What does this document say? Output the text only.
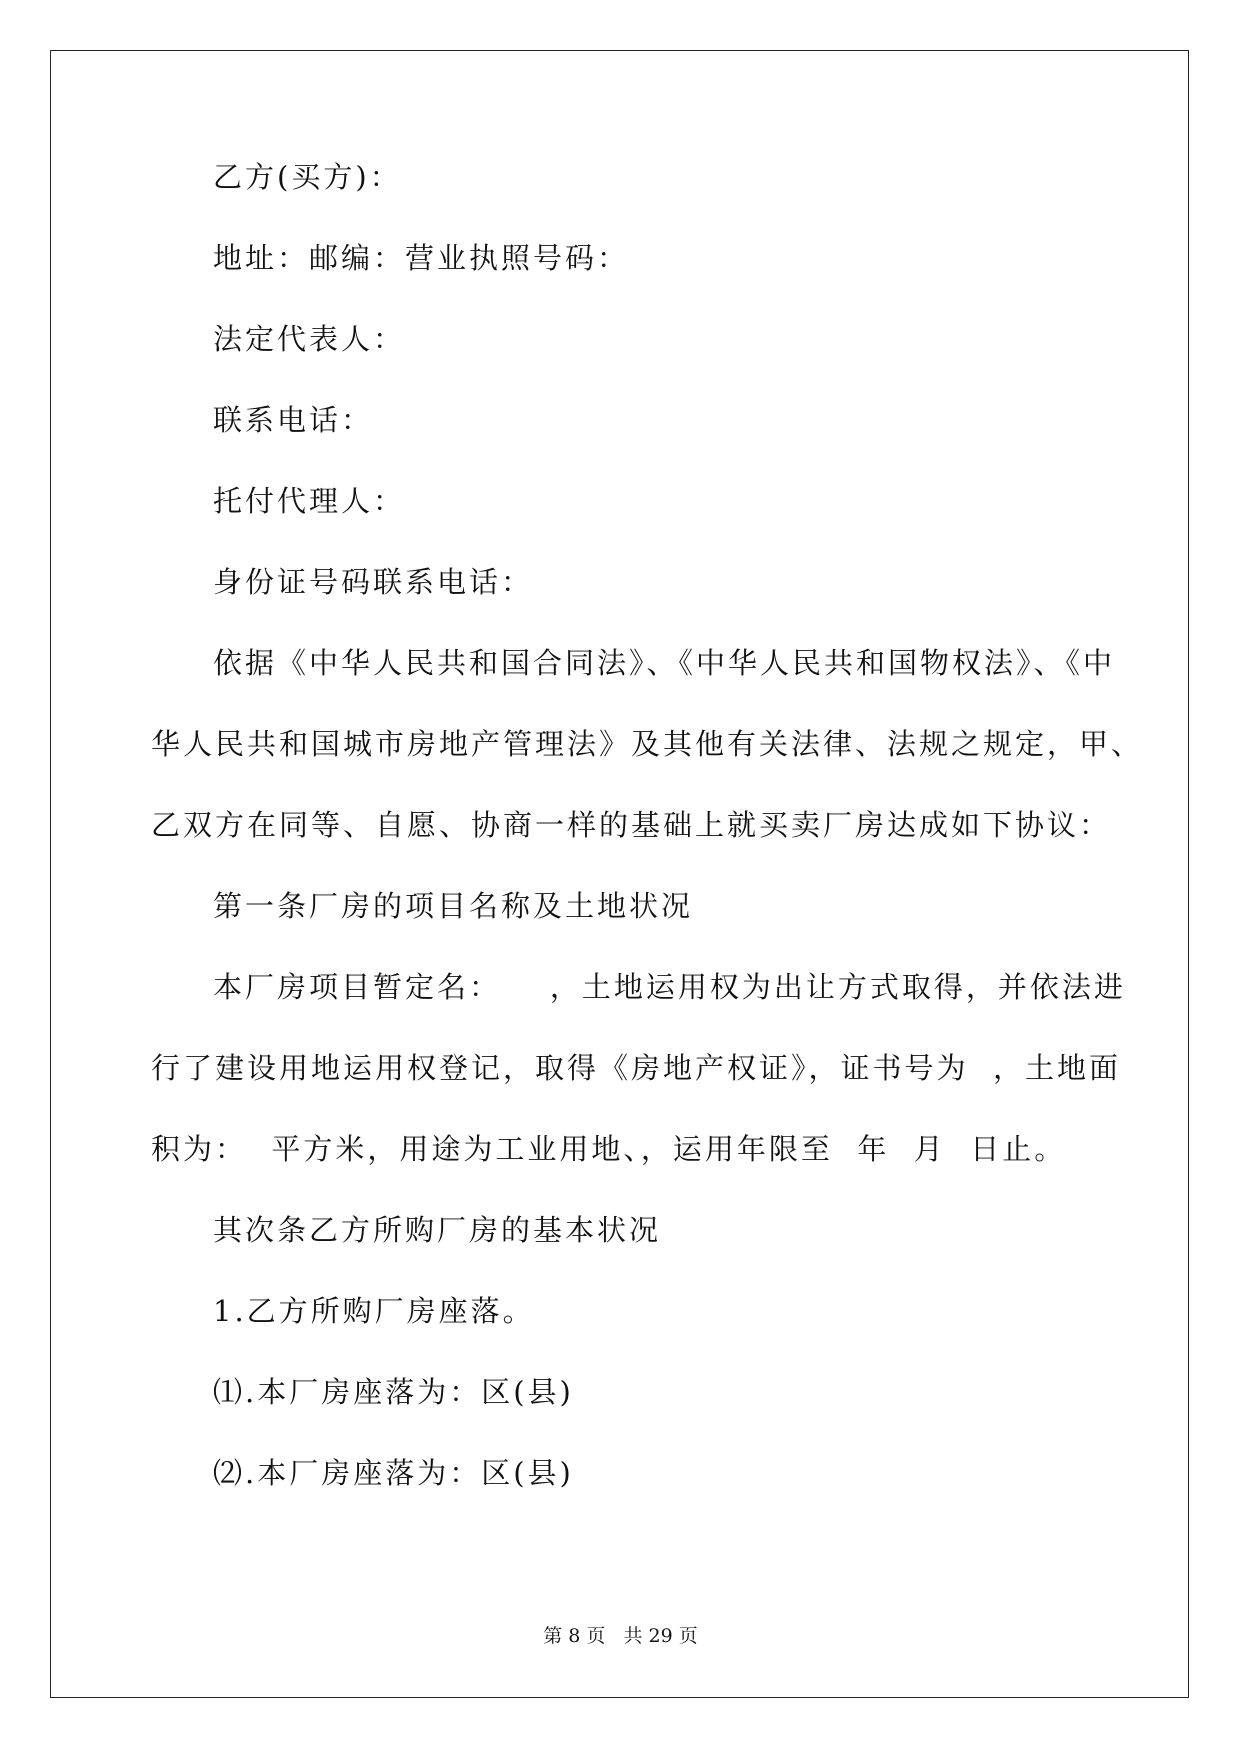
乙方(买方)：
地址：邮编：营业执照号码：
法定代表人：
联系电话：
托付代理人：
身份证号码联系电话：
依据《中华人民共和国合同法》、《中华人民共和国物权法》、《中
华人民共和国城市房地产管理法》及其他有关法律、法规之规定，甲、
乙双方在同等、自愿、协商一样的基础上就买卖厂房达成如下协议：
第一条厂房的项目名称及土地状况
本厂房项目暂定名：    ，土地运用权为出让方式取得，并依法进
行了建设用地运用权登记，取得《房地产权证》，证书号为  ，土地面
积为：  平方米，用途为工业用地、，运用年限至  年  月  日止。
其次条乙方所购厂房的基本状况
1.乙方所购厂房座落。
⑴.本厂房座落为：区(县)
⑵.本厂房座落为：区(县)
第 8 页   共 29 页
